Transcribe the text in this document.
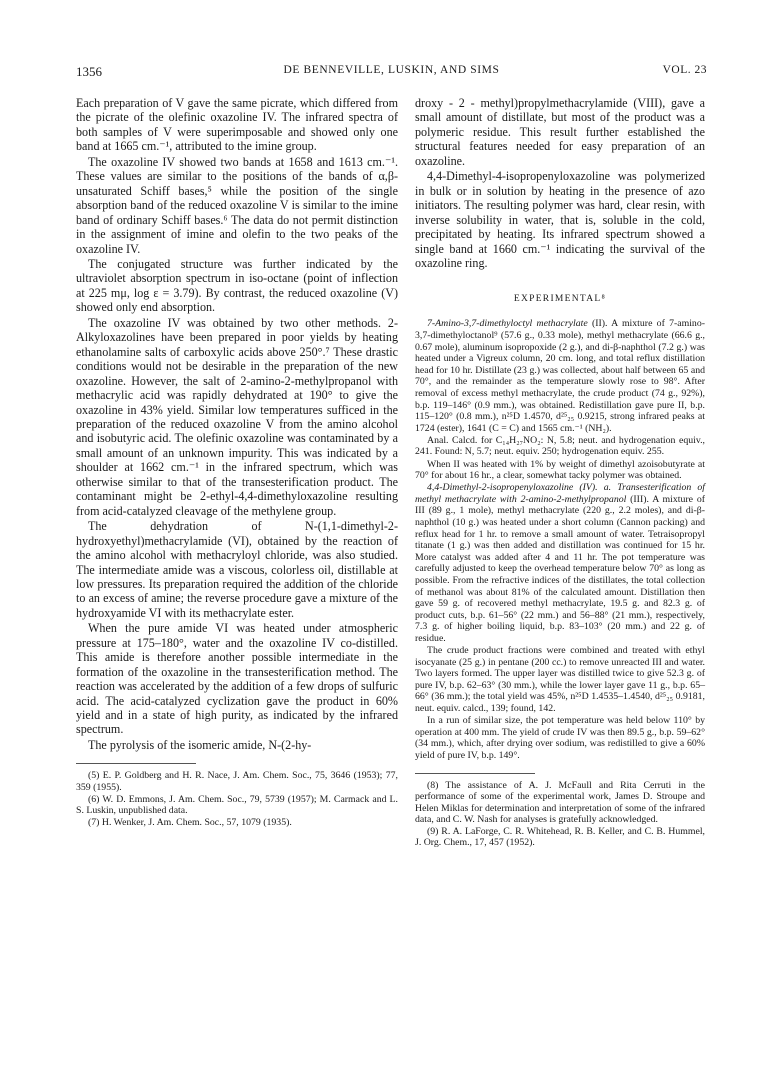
1356	DE BENNEVILLE, LUSKIN, AND SIMS	VOL. 23

Each preparation of V gave the same picrate, which differed from the picrate of the olefinic oxazoline IV. The infrared spectra of both samples of V were superimposable and showed only one band at 1665 cm.⁻¹, attributed to the imine group.

The oxazoline IV showed two bands at 1658 and 1613 cm.⁻¹. These values are similar to the positions of the bands of α,β-unsaturated Schiff bases,⁵ while the position of the single absorption band of the reduced oxazoline V is similar to the imine band of ordinary Schiff bases.⁶ The data do not permit distinction in the assignment of imine and olefin to the two peaks of the oxazoline IV.

The conjugated structure was further indicated by the ultraviolet absorption spectrum in iso-octane (point of inflection at 225 mμ, log ε = 3.79). By contrast, the reduced oxazoline (V) showed only end absorption.

The oxazoline IV was obtained by two other methods. 2-Alkyloxazolines have been prepared in poor yields by heating ethanolamine salts of carboxylic acids above 250°.⁷ These drastic conditions would not be desirable in the preparation of the new oxazoline. However, the salt of 2-amino-2-methylpropanol with methacrylic acid was rapidly dehydrated at 190° to give the oxazoline in 43% yield. Similar low temperatures sufficed in the preparation of the reduced oxazoline V from the amino alcohol and isobutyric acid. The olefinic oxazoline was contaminated by a small amount of an unknown impurity. This was indicated by a shoulder at 1662 cm.⁻¹ in the infrared spectrum, which was otherwise similar to that of the transesterification product. The contaminant might be 2-ethyl-4,4-dimethyloxazoline resulting from acid-catalyzed cleavage of the methylene group.

The dehydration of N-(1,1-dimethyl-2-hydroxyethyl)methacrylamide (VI), obtained by the reaction of the amino alcohol with methacryloyl chloride, was also studied. The intermediate amide was a viscous, colorless oil, distillable at low pressures. Its preparation required the addition of the chloride to an excess of amine; the reverse procedure gave a mixture of the hydroxyamide VI with its methacrylate ester.

When the pure amide VI was heated under atmospheric pressure at 175–180°, water and the oxazoline IV co-distilled. This amide is therefore another possible intermediate in the formation of the oxazoline in the transesterification method. The reaction was accelerated by the addition of a few drops of sulfuric acid. The acid-catalyzed cyclization gave the product in 60% yield and in a state of high purity, as indicated by the infrared spectrum.

The pyrolysis of the isomeric amide, N-(2-hy-

(5) E. P. Goldberg and H. R. Nace, J. Am. Chem. Soc., 75, 3646 (1953); 77, 359 (1955).

(6) W. D. Emmons, J. Am. Chem. Soc., 79, 5739 (1957); M. Carmack and L. S. Luskin, unpublished data.

(7) H. Wenker, J. Am. Chem. Soc., 57, 1079 (1935).

droxy - 2 - methyl)propylmethacrylamide (VIII), gave a small amount of distillate, but most of the product was a polymeric residue. This result further established the structural features needed for easy preparation of an oxazoline.

4,4-Dimethyl-4-isopropenyloxazoline was polymerized in bulk or in solution by heating in the presence of azo initiators. The resulting polymer was hard, clear resin, with inverse solubility in water, that is, soluble in the cold, precipitated by heating. Its infrared spectrum showed a single band at 1660 cm.⁻¹ indicating the survival of the oxazoline ring.

EXPERIMENTAL⁸

7-Amino-3,7-dimethyloctyl methacrylate (II). A mixture of 7-amino-3,7-dimethyloctanol⁹ (57.6 g., 0.33 mole), methyl methacrylate (66.6 g., 0.67 mole), aluminum isopropoxide (2 g.), and di-β-naphthol (7.2 g.) was heated under a Vigreux column, 20 cm. long, and total reflux distillation head for 10 hr. Distillate (23 g.) was collected, about half between 65 and 70°, and the remainder as the temperature slowly rose to 98°. After removal of excess methyl methacrylate, the crude product (74 g., 92%), b.p. 119–146° (0.9 mm.), was obtained. Redistillation gave pure II, b.p. 115–120° (0.8 mm.), n²⁵D 1.4570, d²⁵₂₅ 0.9215, strong infrared peaks at 1724 (ester), 1641 (C = C) and 1565 cm.⁻¹ (NH₂).

Anal. Calcd. for C₁₄H₂₇NO₂: N, 5.8; neut. and hydrogenation equiv., 241. Found: N, 5.7; neut. equiv. 250; hydrogenation equiv. 255.

When II was heated with 1% by weight of dimethyl azoisobutyrate at 70° for about 16 hr., a clear, somewhat tacky polymer was obtained.

4,4-Dimethyl-2-isopropenyloxazoline (IV). a. Transesterification of methyl methacrylate with 2-amino-2-methylpropanol (III). A mixture of III (89 g., 1 mole), methyl methacrylate (220 g., 2.2 moles), and di-β-naphthol (10 g.) was heated under a short column (Cannon packing) and reflux head for 1 hr. to remove a small amount of water. Tetraisopropyl titanate (1 g.) was then added and distillation was continued for 15 hr. More catalyst was added after 4 and 11 hr. The pot temperature was carefully adjusted to keep the overhead temperature below 70° as long as possible. From the refractive indices of the distillates, the total collection of methanol was about 81% of the calculated amount. Distillation then gave 59 g. of recovered methyl methacrylate, 19.5 g. and 82.3 g. of product cuts, b.p. 61–56° (22 mm.) and 56–88° (21 mm.), respectively, 7.3 g. of higher boiling liquid, b.p. 83–103° (20 mm.) and 22 g. of residue.

The crude product fractions were combined and treated with ethyl isocyanate (25 g.) in pentane (200 cc.) to remove unreacted III and water. Two layers formed. The upper layer was distilled twice to give 52.3 g. of pure IV, b.p. 62–63° (30 mm.), while the lower layer gave 11 g., b.p. 65–66° (36 mm.); the total yield was 45%, n²⁵D 1.4535–1.4540, d²⁵₂₅ 0.9181, neut. equiv. calcd., 139; found, 142.

In a run of similar size, the pot temperature was held below 110° by operation at 400 mm. The yield of crude IV was then 89.5 g., b.p. 59–62° (34 mm.), which, after drying over sodium, was redistilled to give a 60% yield of pure IV, b.p. 149°.

(8) The assistance of A. J. McFaull and Rita Cerruti in the performance of some of the experimental work, James D. Stroupe and Helen Miklas for determination and interpretation of some of the infrared data, and C. W. Nash for analyses is gratefully acknowledged.

(9) R. A. LaForge, C. R. Whitehead, R. B. Keller, and C. B. Hummel, J. Org. Chem., 17, 457 (1952).
